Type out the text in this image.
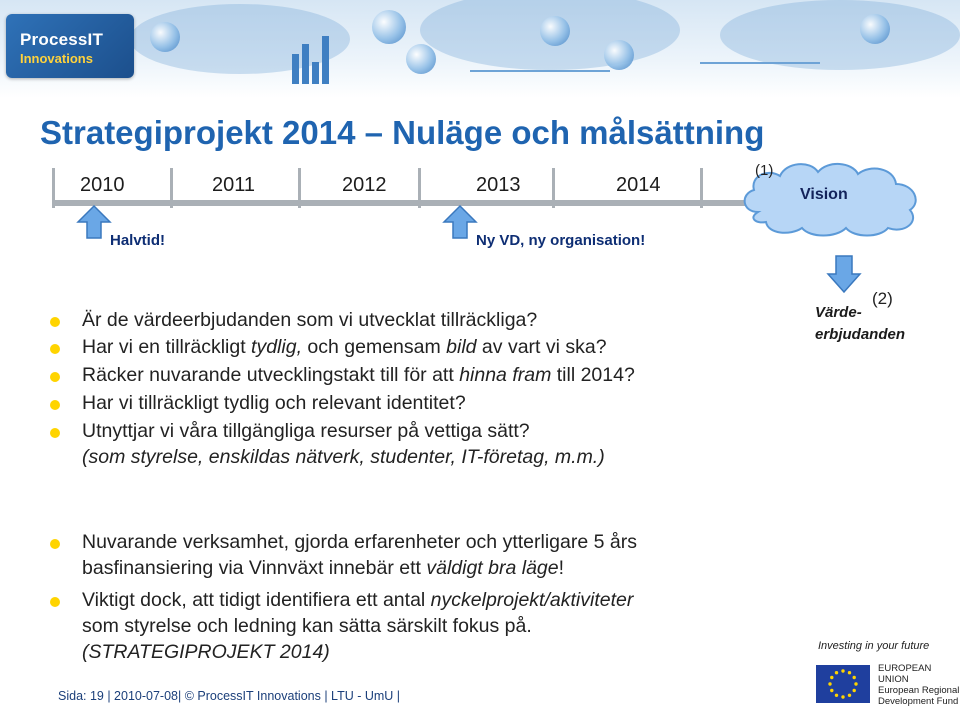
ProcessIT
Innovations
Strategiprojekt 2014 – Nuläge och målsättning
2010	2011	2012	2013	2014
Halvtid!	Ny VD, ny organisation!
(1)
Vision
(2)
Värde-
erbjudanden
Är de värdeerbjudanden som vi utvecklat tillräckliga?
Har vi en tillräckligt tydlig, och gemensam bild av vart vi ska?
Räcker nuvarande utvecklingstakt till för att hinna fram till 2014?
Har vi tillräckligt tydlig och relevant identitet?
Utnyttjar vi våra tillgängliga resurser på vettiga sätt?
(som styrelse, enskildas nätverk, studenter, IT-företag, m.m.)
Nuvarande verksamhet, gjorda erfarenheter och ytterligare 5 års
basfinansiering via Vinnväxt innebär ett väldigt bra läge!
Viktigt dock, att tidigt identifiera ett antal nyckelprojekt/aktiviteter
som styrelse och ledning kan sätta särskilt fokus på.
(STRATEGIPROJEKT 2014)
Sida: 19 | 2010-07-08| © ProcessIT Innovations | LTU - UmU |
Investing in your future
EUROPEAN
UNION
European Regional
Development Fund
